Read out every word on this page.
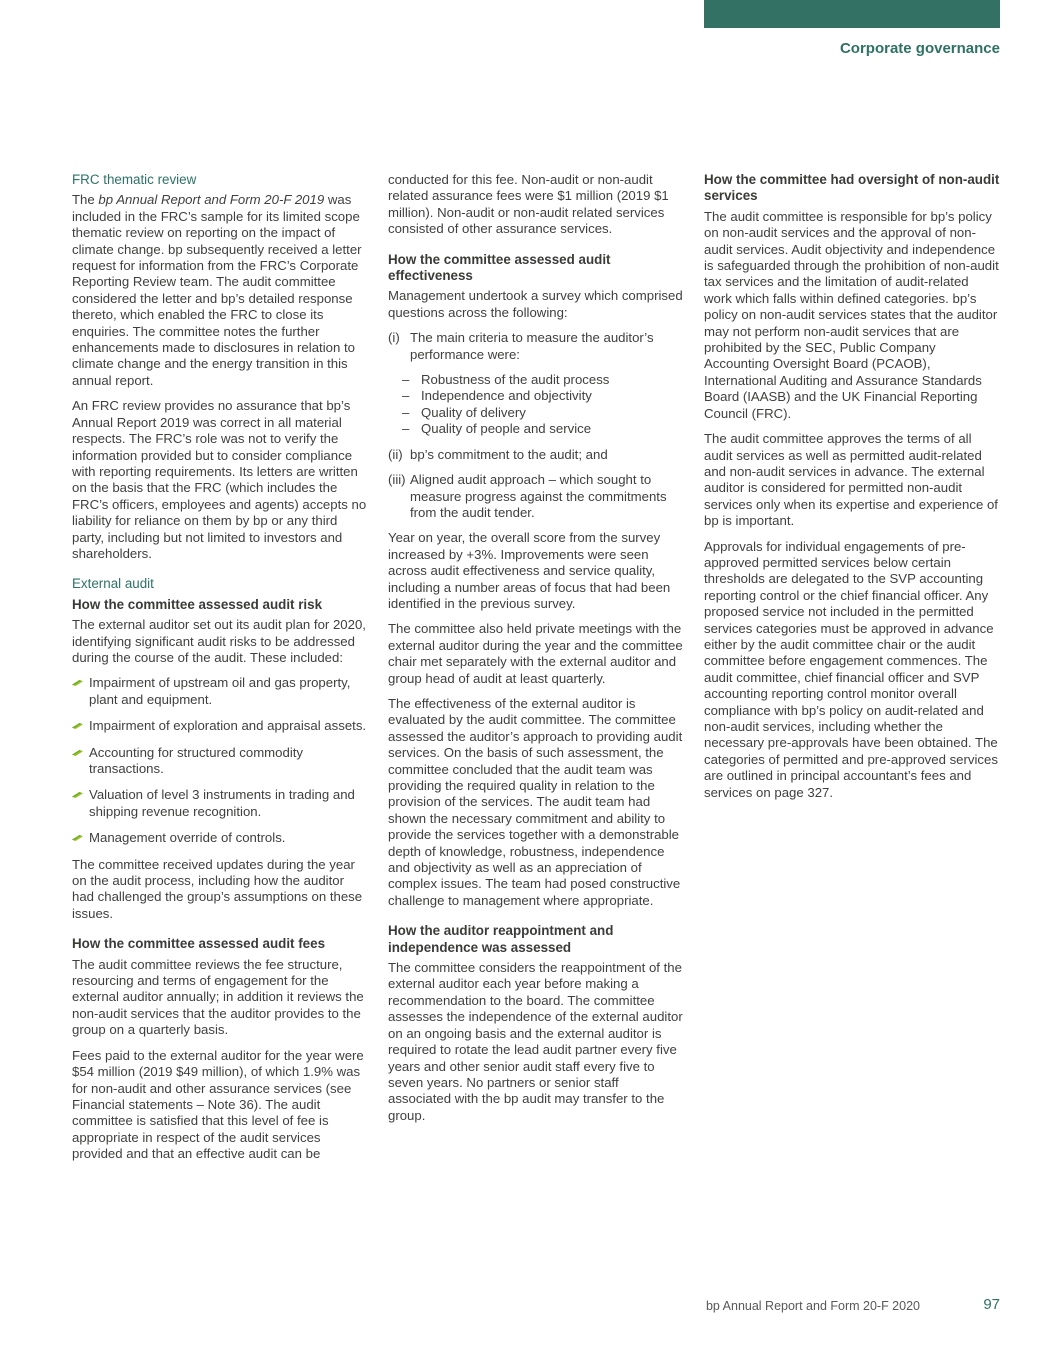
Corporate governance

FRC thematic review

The bp Annual Report and Form 20-F 2019 was included in the FRC’s sample for its limited scope thematic review on reporting on the impact of climate change. bp subsequently received a letter request for information from the FRC’s Corporate Reporting Review team. The audit committee considered the letter and bp’s detailed response thereto, which enabled the FRC to close its enquiries. The committee notes the further enhancements made to disclosures in relation to climate change and the energy transition in this annual report.

An FRC review provides no assurance that bp’s Annual Report 2019 was correct in all material respects. The FRC’s role was not to verify the information provided but to consider compliance with reporting requirements. Its letters are written on the basis that the FRC (which includes the FRC’s officers, employees and agents) accepts no liability for reliance on them by bp or any third party, including but not limited to investors and shareholders.

External audit

How the committee assessed audit risk

The external auditor set out its audit plan for 2020, identifying significant audit risks to be addressed during the course of the audit. These included:

Impairment of upstream oil and gas property, plant and equipment.
Impairment of exploration and appraisal assets.
Accounting for structured commodity transactions.
Valuation of level 3 instruments in trading and shipping revenue recognition.
Management override of controls.

The committee received updates during the year on the audit process, including how the auditor had challenged the group’s assumptions on these issues.

How the committee assessed audit fees

The audit committee reviews the fee structure, resourcing and terms of engagement for the external auditor annually; in addition it reviews the non-audit services that the auditor provides to the group on a quarterly basis.

Fees paid to the external auditor for the year were $54 million (2019 $49 million), of which 1.9% was for non-audit and other assurance services (see Financial statements – Note 36). The audit committee is satisfied that this level of fee is appropriate in respect of the audit services provided and that an effective audit can be

conducted for this fee. Non-audit or non-audit related assurance fees were $1 million (2019 $1 million). Non-audit or non-audit related services consisted of other assurance services.

How the committee assessed audit effectiveness

Management undertook a survey which comprised questions across the following:

(i) The main criteria to measure the auditor’s performance were:
– Robustness of the audit process
– Independence and objectivity
– Quality of delivery
– Quality of people and service
(ii) bp’s commitment to the audit; and
(iii) Aligned audit approach – which sought to measure progress against the commitments from the audit tender.

Year on year, the overall score from the survey increased by +3%. Improvements were seen across audit effectiveness and service quality, including a number areas of focus that had been identified in the previous survey.

The committee also held private meetings with the external auditor during the year and the committee chair met separately with the external auditor and group head of audit at least quarterly.

The effectiveness of the external auditor is evaluated by the audit committee. The committee assessed the auditor’s approach to providing audit services. On the basis of such assessment, the committee concluded that the audit team was providing the required quality in relation to the provision of the services. The audit team had shown the necessary commitment and ability to provide the services together with a demonstrable depth of knowledge, robustness, independence and objectivity as well as an appreciation of complex issues. The team had posed constructive challenge to management where appropriate.

How the auditor reappointment and independence was assessed

The committee considers the reappointment of the external auditor each year before making a recommendation to the board. The committee assesses the independence of the external auditor on an ongoing basis and the external auditor is required to rotate the lead audit partner every five years and other senior audit staff every five to seven years. No partners or senior staff associated with the bp audit may transfer to the group.

How the committee had oversight of non-audit services

The audit committee is responsible for bp’s policy on non-audit services and the approval of non-audit services. Audit objectivity and independence is safeguarded through the prohibition of non-audit tax services and the limitation of audit-related work which falls within defined categories. bp’s policy on non-audit services states that the auditor may not perform non-audit services that are prohibited by the SEC, Public Company Accounting Oversight Board (PCAOB), International Auditing and Assurance Standards Board (IAASB) and the UK Financial Reporting Council (FRC).

The audit committee approves the terms of all audit services as well as permitted audit-related and non-audit services in advance. The external auditor is considered for permitted non-audit services only when its expertise and experience of bp is important.

Approvals for individual engagements of pre-approved permitted services below certain thresholds are delegated to the SVP accounting reporting control or the chief financial officer. Any proposed service not included in the permitted services categories must be approved in advance either by the audit committee chair or the audit committee before engagement commences. The audit committee, chief financial officer and SVP accounting reporting control monitor overall compliance with bp’s policy on audit-related and non-audit services, including whether the necessary pre-approvals have been obtained. The categories of permitted and pre-approved services are outlined in principal accountant’s fees and services on page 327.

bp Annual Report and Form 20-F 2020	97
